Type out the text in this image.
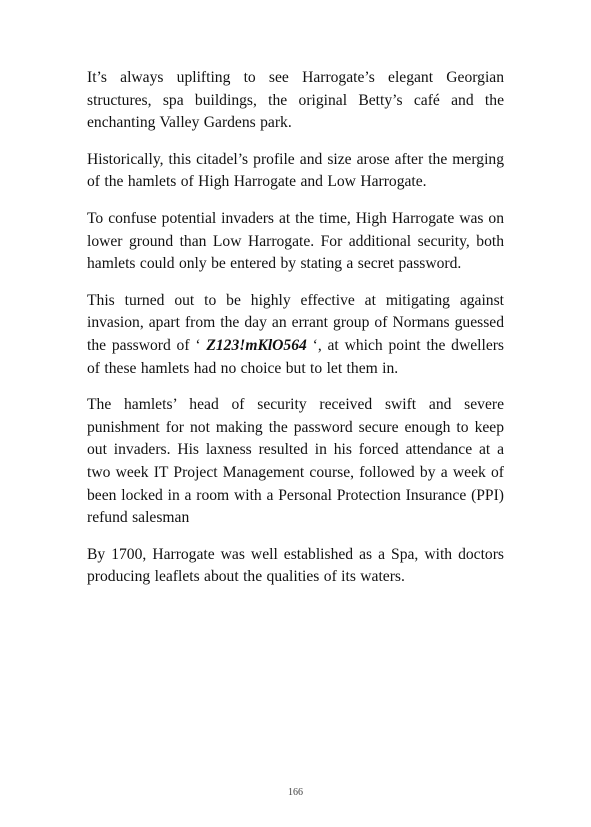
It’s always uplifting to see Harrogate’s elegant Georgian structures, spa buildings, the original Betty’s café and the enchanting Valley Gardens park.

Historically, this citadel’s profile and size arose after the merging of the hamlets of High Harrogate and Low Harrogate.

To confuse potential invaders at the time, High Harrogate was on lower ground than Low Harrogate. For additional security, both hamlets could only be entered by stating a secret password.

This turned out to be highly effective at mitigating against invasion, apart from the day an errant group of Normans guessed the password of ‘ Z123!mKlO564 ‘, at which point the dwellers of these hamlets had no choice but to let them in.

The hamlets’ head of security received swift and severe punishment for not making the password secure enough to keep out invaders. His laxness resulted in his forced attendance at a two week IT Project Management course, followed by a week of been locked in a room with a Personal Protection Insurance (PPI) refund salesman

By 1700, Harrogate was well established as a Spa, with doctors producing leaflets about the qualities of its waters.

166
